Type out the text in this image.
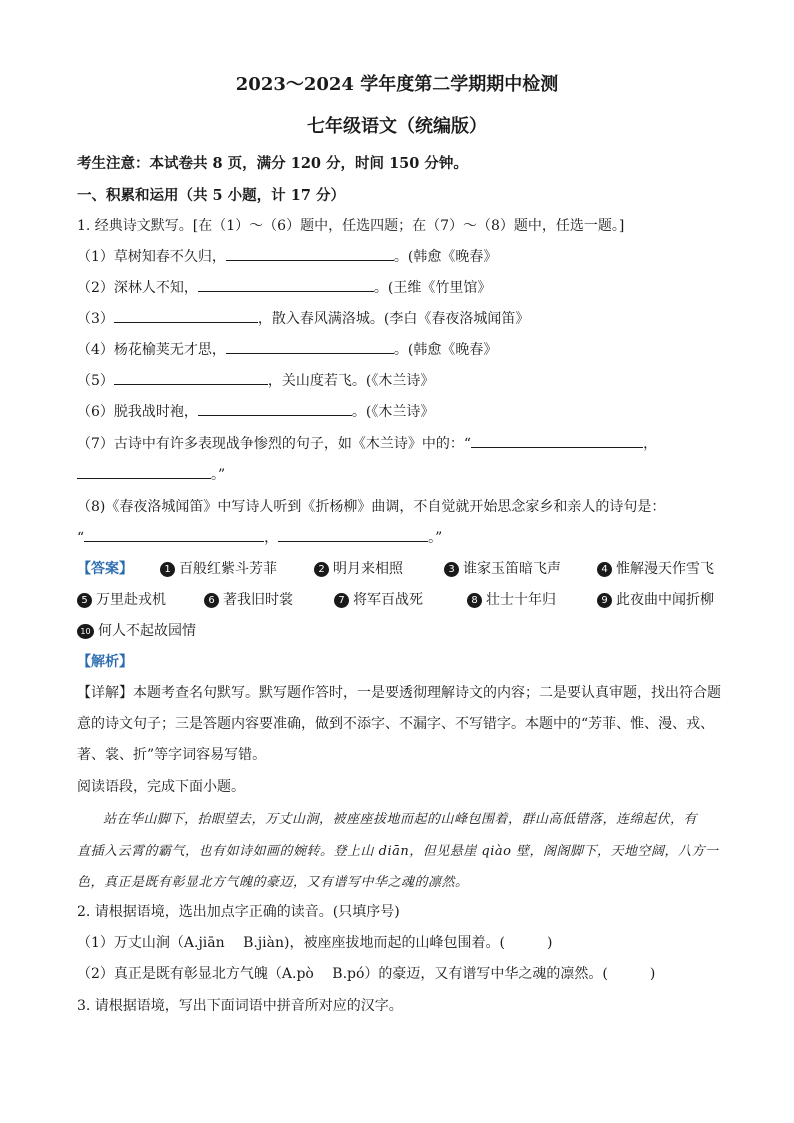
2023～2024 学年度第二学期期中检测
七年级语文（统编版）
考生注意：本试卷共 8 页，满分 120 分，时间 150 分钟。
一、积累和运用（共 5 小题，计 17 分）
1. 经典诗文默写。[在（1）～（6）题中，任选四题；在（7）～（8）题中，任选一题。]
（1）草树知春不久归，	。(韩愈《晚春》
（2）深林人不知，	。(王维《竹里馆》
（3）	，散入春风满洛城。(李白《春夜洛城闻笛》
（4）杨花榆荚无才思，	。(韩愈《晚春》
（5）	，关山度若飞。(《木兰诗》
（6）脱我战时袍，	。(《木兰诗》
（7）古诗中有许多表现战争惨烈的句子，如《木兰诗》中的：“	，
。”
（8)《春夜洛城闻笛》中写诗人听到《折杨柳》曲调，不自觉就开始思念家乡和亲人的诗句是：
“	，	。”
【答案】	1 百般红紫斗芳菲	2 明月来相照	3 谁家玉笛暗飞声	4 惟解漫天作雪飞
5 万里赴戎机	6 著我旧时裳	7 将军百战死	8 壮士十年归	9 此夜曲中闻折柳
10 何人不起故园情
【解析】
【详解】本题考查名句默写。默写题作答时，一是要透彻理解诗文的内容；二是要认真审题，找出符合题
意的诗文句子；三是答题内容要准确，做到不添字、不漏字、不写错字。本题中的“芳菲、惟、漫、戎、
著、裳、折”等字词容易写错。
阅读语段，完成下面小题。
站在华山脚下，抬眼望去，万丈山涧，被座座拔地而起的山峰包围着，群山高低错落，连绵起伏，有
直插入云霄的霸气，也有如诗如画的婉转。登上山 diān，但见悬崖 qiào 壁，阁阁脚下，天地空阔，八方一
色，真正是既有彰显北方气魄的豪迈，又有谱写中华之魂的凛然。
2. 请根据语境，选出加点字正确的读音。(只填序号)
（1）万丈山涧（A.jiān　 B.jiàn)，被座座拔地而起的山峰包围着。(　　　)
（2）真正是既有彰显北方气魄（A.pò　 B.pó）的豪迈，又有谱写中华之魂的凛然。(　　　)
3. 请根据语境，写出下面词语中拼音所对应的汉字。
